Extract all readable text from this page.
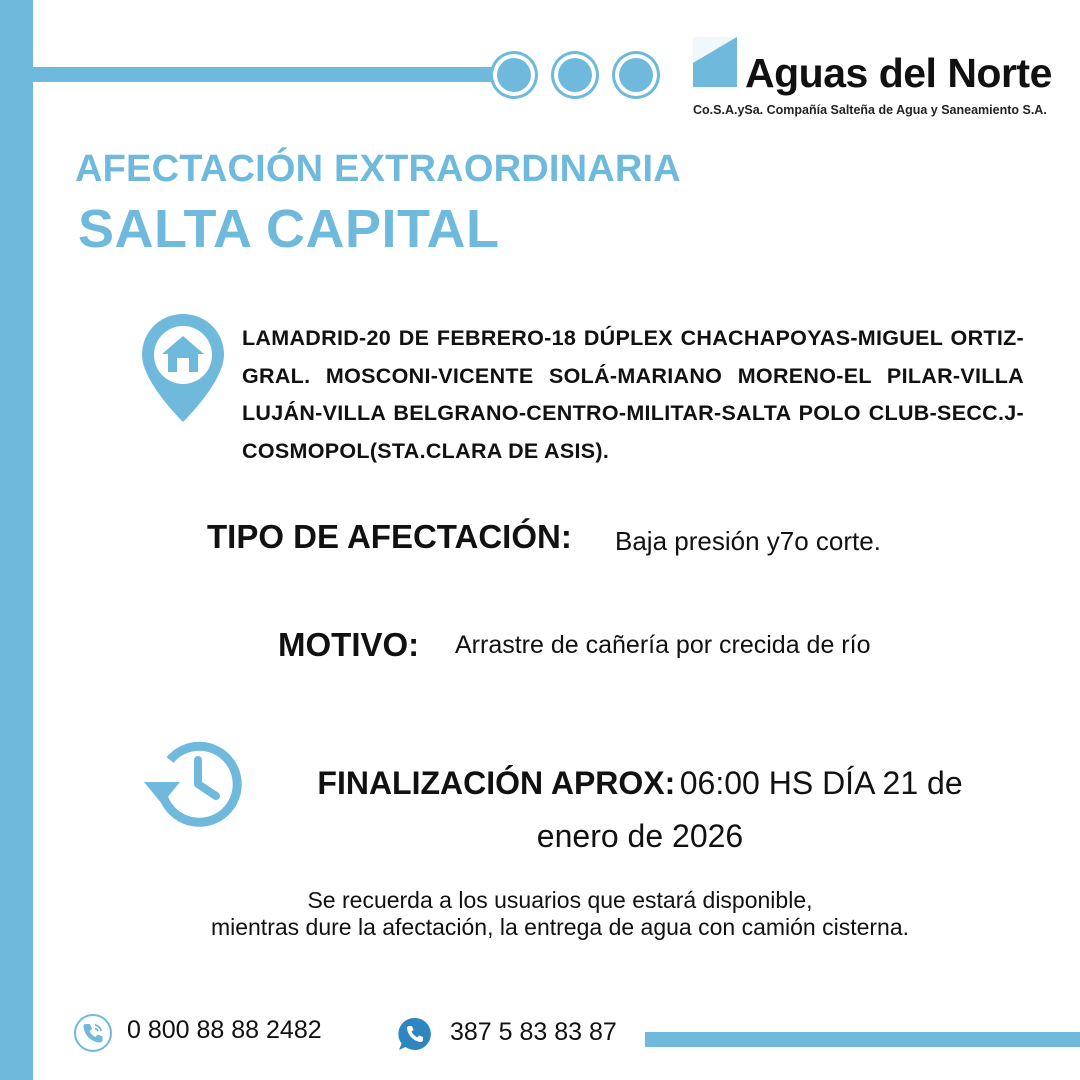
Aguas del Norte
Co.S.A.ySa. Compañía Salteña de Agua y Saneamiento S.A.
AFECTACIÓN EXTRAORDINARIA
SALTA CAPITAL
LAMADRID-20 DE FEBRERO-18 DÚPLEX CHACHAPOYAS-MIGUEL ORTIZ-GRAL. MOSCONI-VICENTE SOLÁ-MARIANO MORENO-EL PILAR-VILLA LUJÁN-VILLA BELGRANO-CENTRO-MILITAR-SALTA POLO CLUB-SECC.J-COSMOPOL(STA.CLARA DE ASIS).
TIPO DE AFECTACIÓN: Baja presión y7o corte.
MOTIVO: Arrastre de cañería por crecida de río
FINALIZACIÓN APROX: 06:00 HS DÍA 21 de
enero de 2026
Se recuerda a los usuarios que estará disponible,
mientras dure la afectación, la entrega de agua con camión cisterna.
0 800 88 88 2482	387 5 83 83 87
